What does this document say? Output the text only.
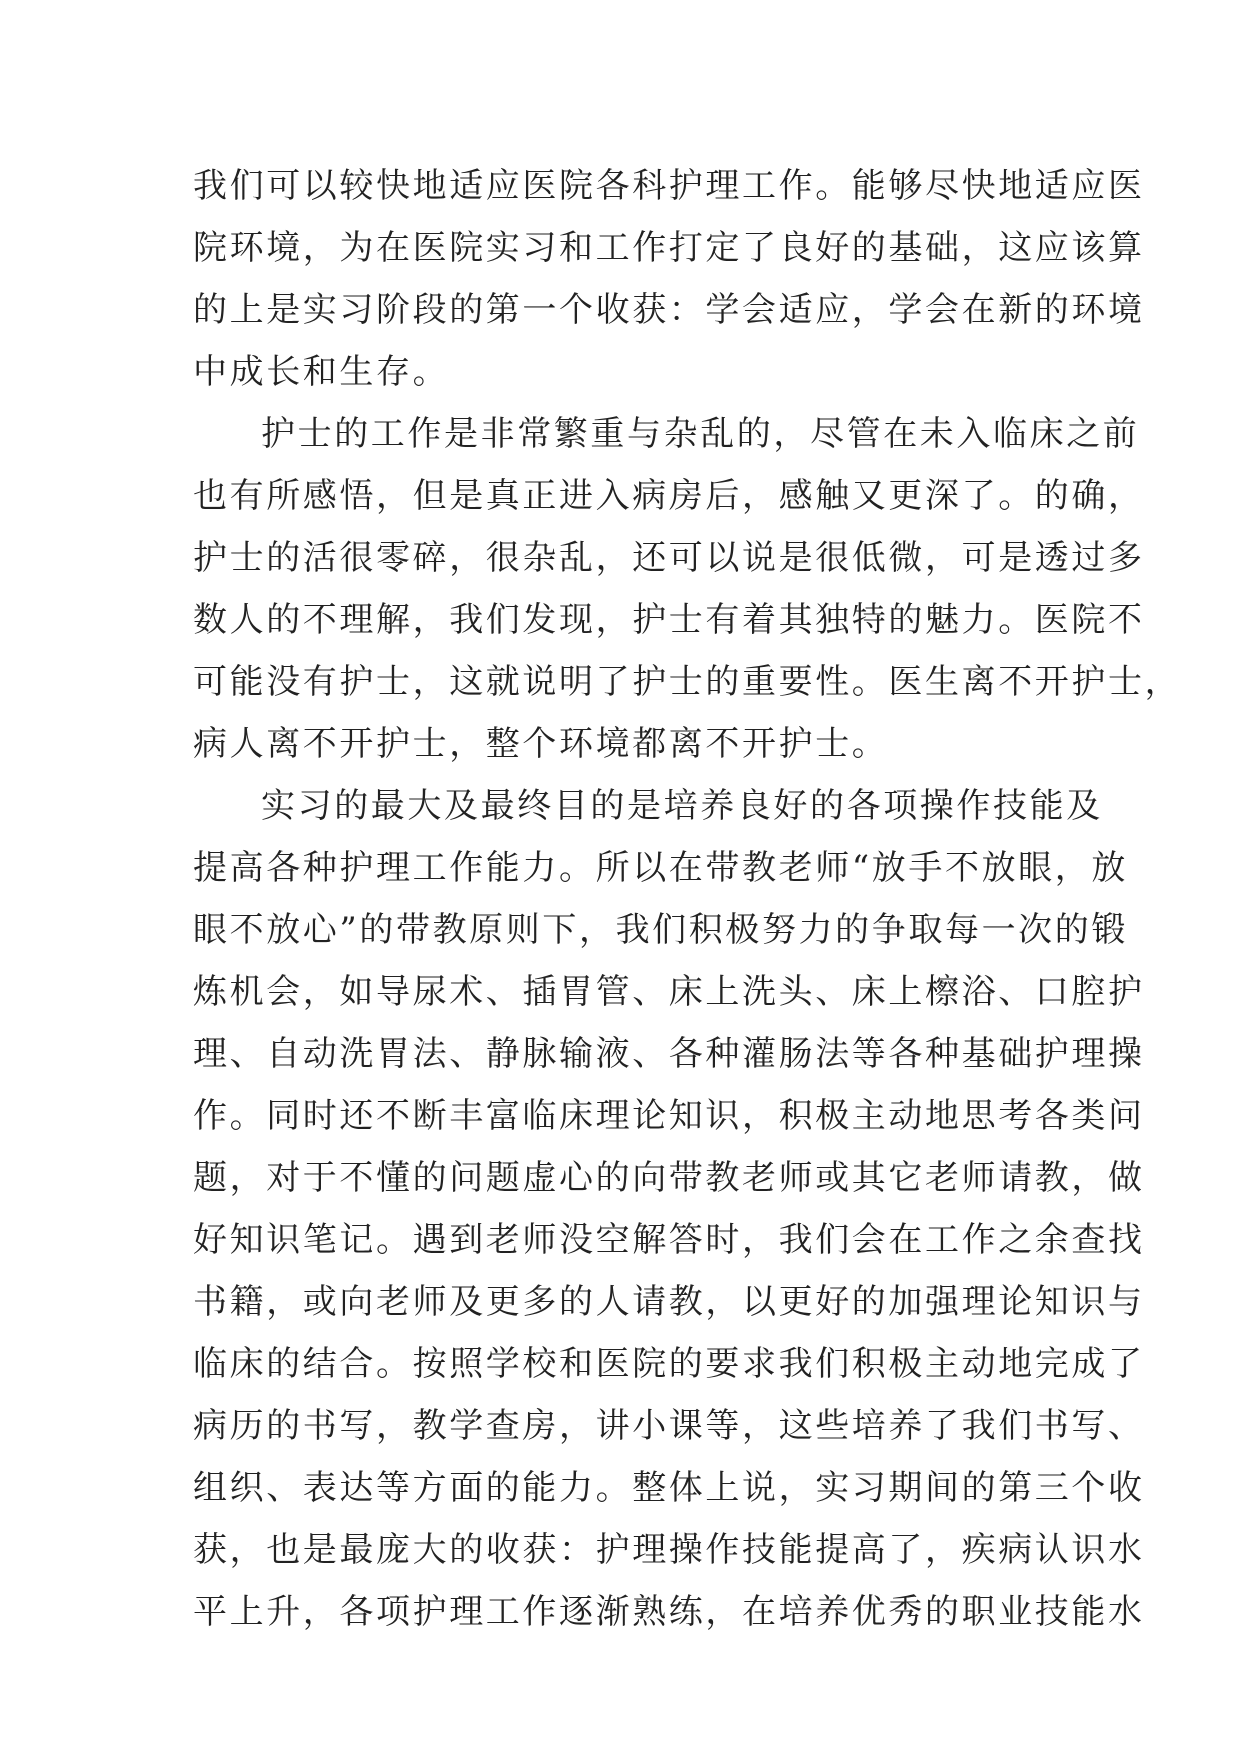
我们可以较快地适应医院各科护理工作。能够尽快地适应医
院环境，为在医院实习和工作打定了良好的基础，这应该算
的上是实习阶段的第一个收获：学会适应，学会在新的环境
中成长和生存。
护士的工作是非常繁重与杂乱的，尽管在未入临床之前
也有所感悟，但是真正进入病房后，感触又更深了。的确，
护士的活很零碎，很杂乱，还可以说是很低微，可是透过多
数人的不理解，我们发现，护士有着其独特的魅力。医院不
可能没有护士，这就说明了护士的重要性。医生离不开护士，
病人离不开护士，整个环境都离不开护士。
实习的最大及最终目的是培养良好的各项操作技能及
提高各种护理工作能力。所以在带教老师“放手不放眼，放
眼不放心”的带教原则下，我们积极努力的争取每一次的锻
炼机会，如导尿术、插胃管、床上洗头、床上檫浴、口腔护
理、自动洗胃法、静脉输液、各种灌肠法等各种基础护理操
作。同时还不断丰富临床理论知识，积极主动地思考各类问
题，对于不懂的问题虚心的向带教老师或其它老师请教，做
好知识笔记。遇到老师没空解答时，我们会在工作之余查找
书籍，或向老师及更多的人请教，以更好的加强理论知识与
临床的结合。按照学校和医院的要求我们积极主动地完成了
病历的书写，教学查房，讲小课等，这些培养了我们书写、
组织、表达等方面的能力。整体上说，实习期间的第三个收
获，也是最庞大的收获：护理操作技能提高了，疾病认识水
平上升，各项护理工作逐渐熟练，在培养优秀的职业技能水
